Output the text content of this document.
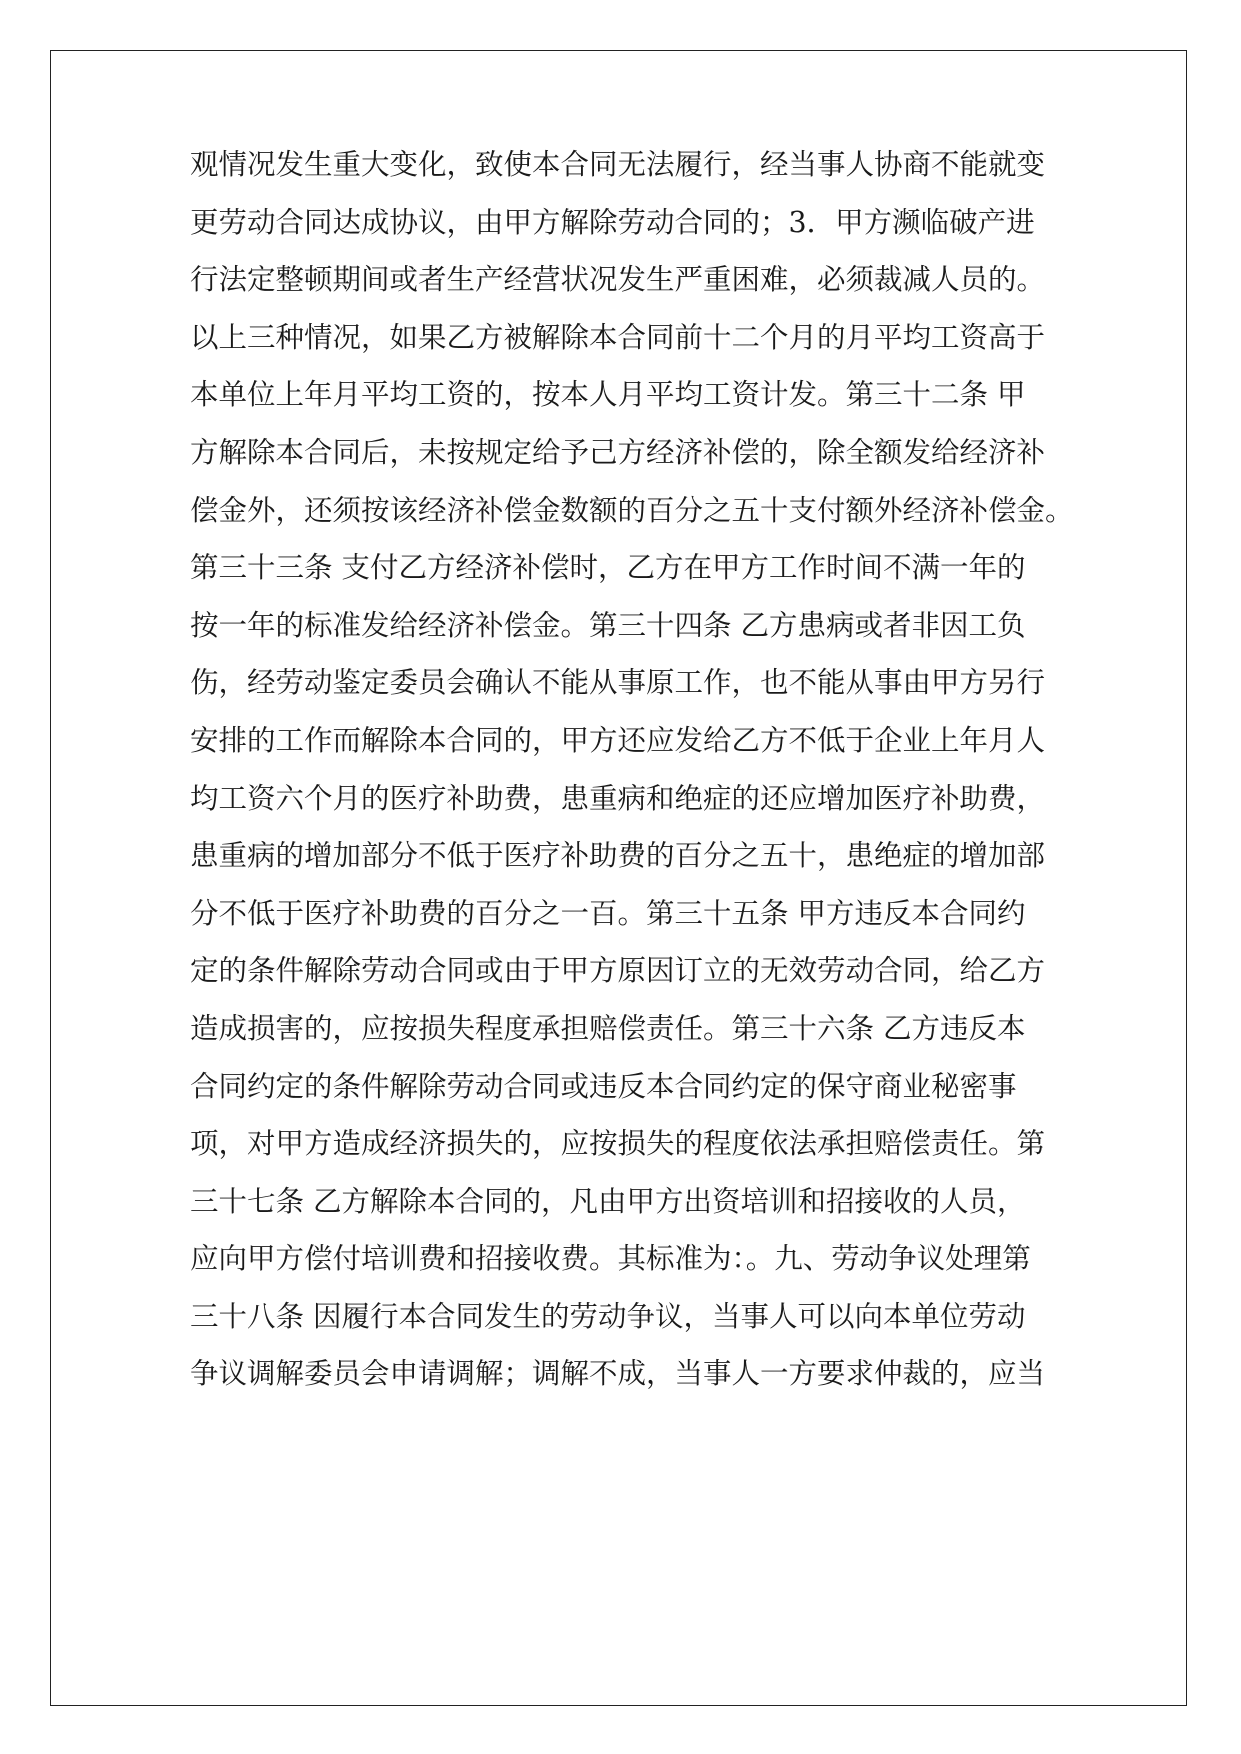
观情况发生重大变化，致使本合同无法履行，经当事人协商不能就变
更劳动合同达成协议，由甲方解除劳动合同的；3．甲方濒临破产进
行法定整顿期间或者生产经营状况发生严重困难，必须裁减人员的。
以上三种情况，如果乙方被解除本合同前十二个月的月平均工资高于
本单位上年月平均工资的，按本人月平均工资计发。第三十二条 甲
方解除本合同后，未按规定给予己方经济补偿的，除全额发给经济补
偿金外，还须按该经济补偿金数额的百分之五十支付额外经济补偿金。
第三十三条 支付乙方经济补偿时，乙方在甲方工作时间不满一年的
按一年的标准发给经济补偿金。第三十四条 乙方患病或者非因工负
伤，经劳动鉴定委员会确认不能从事原工作，也不能从事由甲方另行
安排的工作而解除本合同的，甲方还应发给乙方不低于企业上年月人
均工资六个月的医疗补助费，患重病和绝症的还应增加医疗补助费，
患重病的增加部分不低于医疗补助费的百分之五十，患绝症的增加部
分不低于医疗补助费的百分之一百。第三十五条 甲方违反本合同约
定的条件解除劳动合同或由于甲方原因订立的无效劳动合同，给乙方
造成损害的，应按损失程度承担赔偿责任。第三十六条 乙方违反本
合同约定的条件解除劳动合同或违反本合同约定的保守商业秘密事
项，对甲方造成经济损失的，应按损失的程度依法承担赔偿责任。第
三十七条 乙方解除本合同的，凡由甲方出资培训和招接收的人员，
应向甲方偿付培训费和招接收费。其标准为：。九、劳动争议处理第
三十八条 因履行本合同发生的劳动争议，当事人可以向本单位劳动
争议调解委员会申请调解；调解不成，当事人一方要求仲裁的，应当
